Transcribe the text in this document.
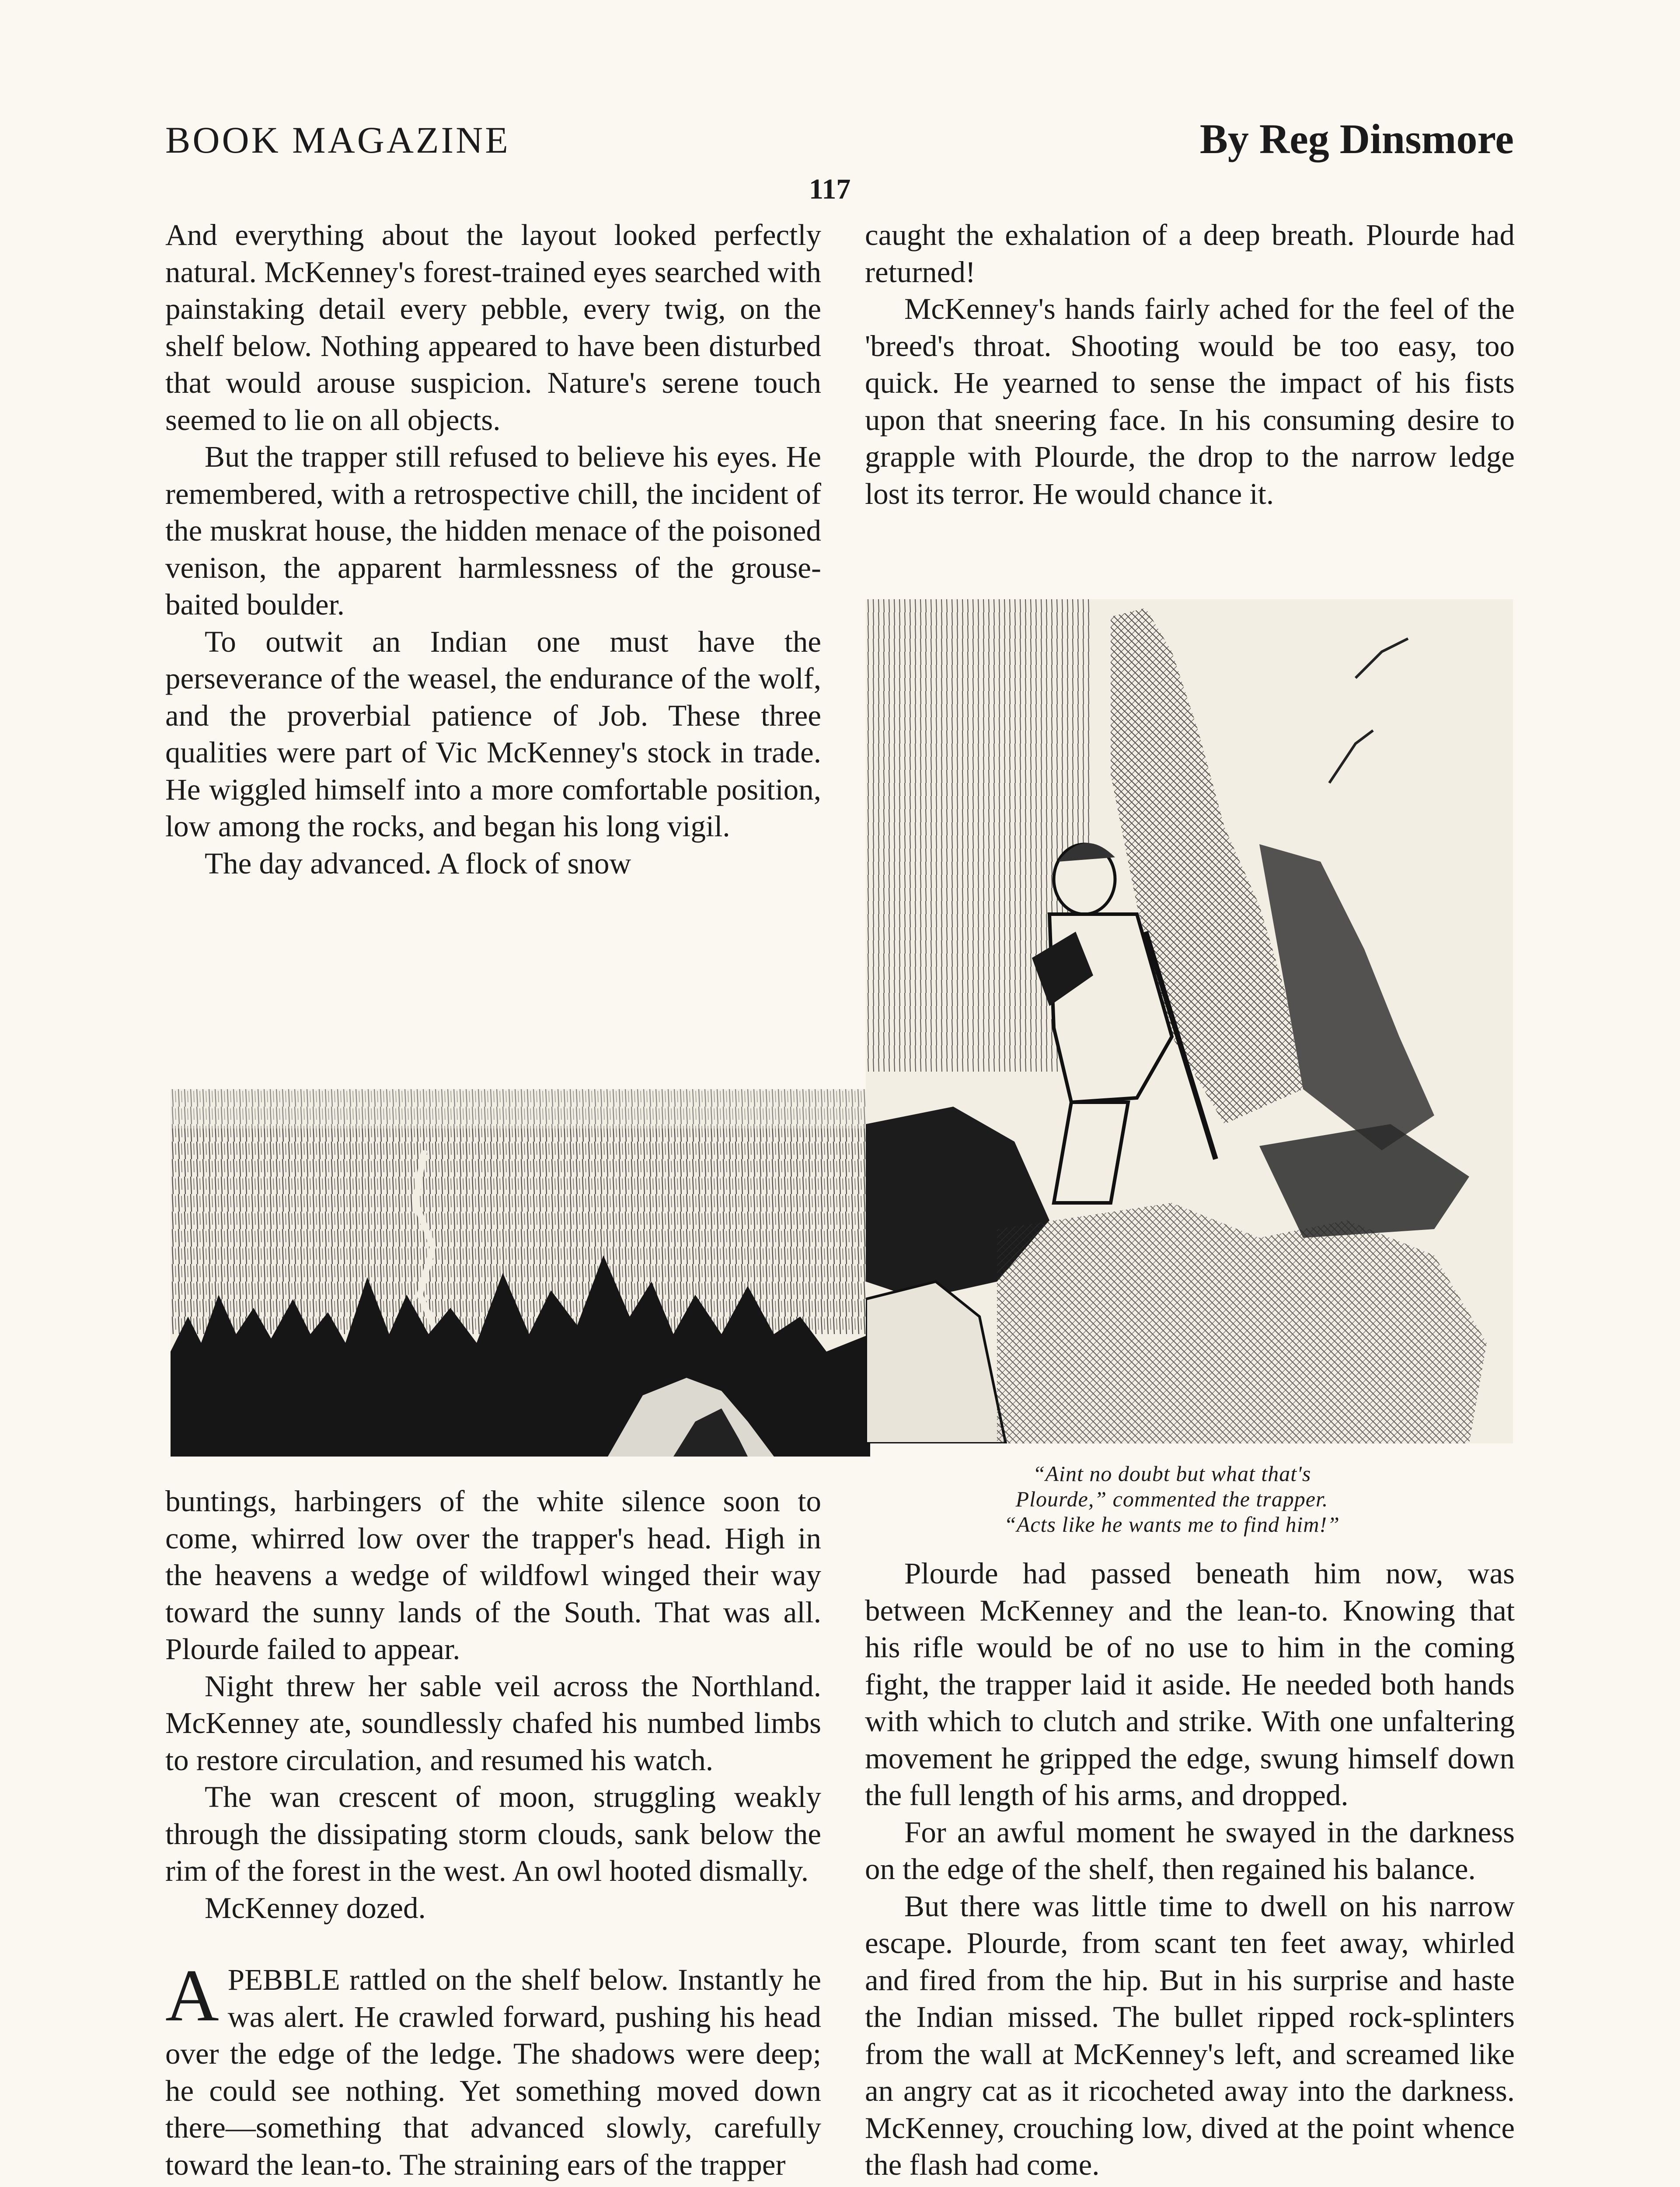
BOOK MAGAZINE	By Reg Dinsmore
117

And everything about the layout looked perfectly natural. McKenney's forest-trained eyes searched with painstaking detail every pebble, every twig, on the shelf below. Nothing appeared to have been disturbed that would arouse suspicion. Nature's serene touch seemed to lie on all objects.

But the trapper still refused to believe his eyes. He remembered, with a retrospective chill, the incident of the muskrat house, the hidden menace of the poisoned venison, the apparent harmlessness of the grouse-baited boulder.

To outwit an Indian one must have the perseverance of the weasel, the endurance of the wolf, and the proverbial patience of Job. These three qualities were part of Vic McKenney's stock in trade. He wiggled himself into a more comfortable position, low among the rocks, and began his long vigil.

The day advanced. A flock of snow

buntings, harbingers of the white silence soon to come, whirred low over the trapper's head. High in the heavens a wedge of wildfowl winged their way toward the sunny lands of the South. That was all. Plourde failed to appear.

Night threw her sable veil across the Northland. McKenney ate, soundlessly chafed his numbed limbs to restore circulation, and resumed his watch.

The wan crescent of moon, struggling weakly through the dissipating storm clouds, sank below the rim of the forest in the west. An owl hooted dismally.

McKenney dozed.

APEBBLE rattled on the shelf below. Instantly he was alert. He crawled forward, pushing his head over the edge of the ledge. The shadows were deep; he could see nothing. Yet something moved down there—something that advanced slowly, carefully toward the lean-to. The straining ears of the trapper

caught the exhalation of a deep breath. Plourde had returned!

McKenney's hands fairly ached for the feel of the 'breed's throat. Shooting would be too easy, too quick. He yearned to sense the impact of his fists upon that sneering face. In his consuming desire to grapple with Plourde, the drop to the narrow ledge lost its terror. He would chance it.

“Aint no doubt but what that's
Plourde,” commented the trapper.
“Acts like he wants me to find him!”

Plourde had passed beneath him now, was between McKenney and the lean-to. Knowing that his rifle would be of no use to him in the coming fight, the trapper laid it aside. He needed both hands with which to clutch and strike. With one unfaltering movement he gripped the edge, swung himself down the full length of his arms, and dropped.

For an awful moment he swayed in the darkness on the edge of the shelf, then regained his balance.

But there was little time to dwell on his narrow escape. Plourde, from scant ten feet away, whirled and fired from the hip. But in his surprise and haste the Indian missed. The bullet ripped rock-splinters from the wall at McKenney's left, and screamed like an angry cat as it ricocheted away into the darkness. McKenney, crouching low, dived at the point whence the flash had come.
